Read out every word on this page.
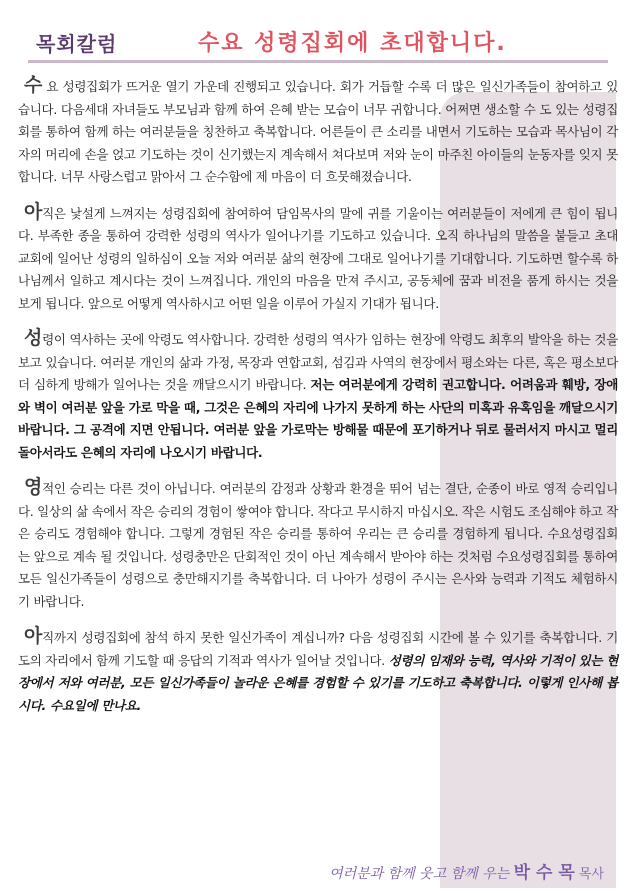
목회칼럼	수요 성령집회에 초대합니다.

수 요 성령집회가 뜨거운 열기 가운데 진행되고 있습니다. 회가 거듭할 수록 더 많은 일신가족들이 참여하고 있습니다. 다음세대 자녀들도 부모님과 함께 하여 은혜 받는 모습이 너무 귀합니다. 어쩌면 생소할 수 도 있는 성령집회를 통하여 함께 하는 여러분들을 칭찬하고 축복합니다. 어른들이 큰 소리를 내면서 기도하는 모습과 목사님이 각자의 머리에 손을 얹고 기도하는 것이 신기했는지 계속해서 쳐다보며 저와 눈이 마주친 아이들의 눈동자를 잊지 못합니다. 너무 사랑스럽고 맑아서 그 순수함에 제 마음이 더 흐뭇해졌습니다.

아직은 낯설게 느껴지는 성령집회에 참여하여 담임목사의 말에 귀를 기울이는 여러분들이 저에게 큰 힘이 됩니다. 부족한 종을 통하여 강력한 성령의 역사가 일어나기를 기도하고 있습니다. 오직 하나님의 말씀을 붙들고 초대교회에 일어난 성령의 일하심이 오늘 저와 여러분 삶의 현장에 그대로 일어나기를 기대합니다. 기도하면 할수록 하나님께서 일하고 계시다는 것이 느껴집니다. 개인의 마음을 만져 주시고, 공동체에 꿈과 비전을 품게 하시는 것을 보게 됩니다. 앞으로 어떻게 역사하시고 어떤 일을 이루어 가실지 기대가 됩니다.

성령이 역사하는 곳에 악령도 역사합니다. 강력한 성령의 역사가 임하는 현장에 악령도 최후의 발악을 하는 것을 보고 있습니다. 여러분 개인의 삶과 가정, 목장과 연합교회, 섬김과 사역의 현장에서 평소와는 다른, 혹은 평소보다 더 심하게 방해가 일어나는 것을 깨달으시기 바랍니다. 저는 여러분에게 강력히 권고합니다. 어려움과 훼방, 장애와 벽이 여러분 앞을 가로 막을 때, 그것은 은혜의 자리에 나가지 못하게 하는 사단의 미혹과 유혹임을 깨달으시기 바랍니다. 그 공격에 지면 안됩니다. 여러분 앞을 가로막는 방해물 때문에 포기하거나 뒤로 물러서지 마시고 멀리 돌아서라도 은혜의 자리에 나오시기 바랍니다.

영적인 승리는 다른 것이 아닙니다. 여러분의 감정과 상황과 환경을 뛰어 넘는 결단, 순종이 바로 영적 승리입니다. 일상의 삶 속에서 작은 승리의 경험이 쌓여야 합니다. 작다고 무시하지 마십시오. 작은 시험도 조심해야 하고 작은 승리도 경험해야 합니다. 그렇게 경험된 작은 승리를 통하여 우리는 큰 승리를 경험하게 됩니다. 수요성령집회는 앞으로 계속 될 것입니다. 성령충만은 단회적인 것이 아닌 계속해서 받아야 하는 것처럼 수요성령집회를 통하여 모든 일신가족들이 성령으로 충만해지기를 축복합니다. 더 나아가 성령이 주시는 은사와 능력과 기적도 체험하시기 바랍니다.

아직까지 성령집회에 참석 하지 못한 일신가족이 계십니까? 다음 성령집회 시간에 볼 수 있기를 축복합니다. 기도의 자리에서 함께 기도할 때 응답의 기적과 역사가 일어날 것입니다. 성령의 임재와 능력, 역사와 기적이 있는 현장에서 저와 여러분, 모든 일신가족들이 놀라운 은혜를 경험할 수 있기를 기도하고 축복합니다. 이렇게 인사해 봅시다. 수요일에 만나요.

여러분과 함께 웃고 함께 우는 박 수 목 목사
